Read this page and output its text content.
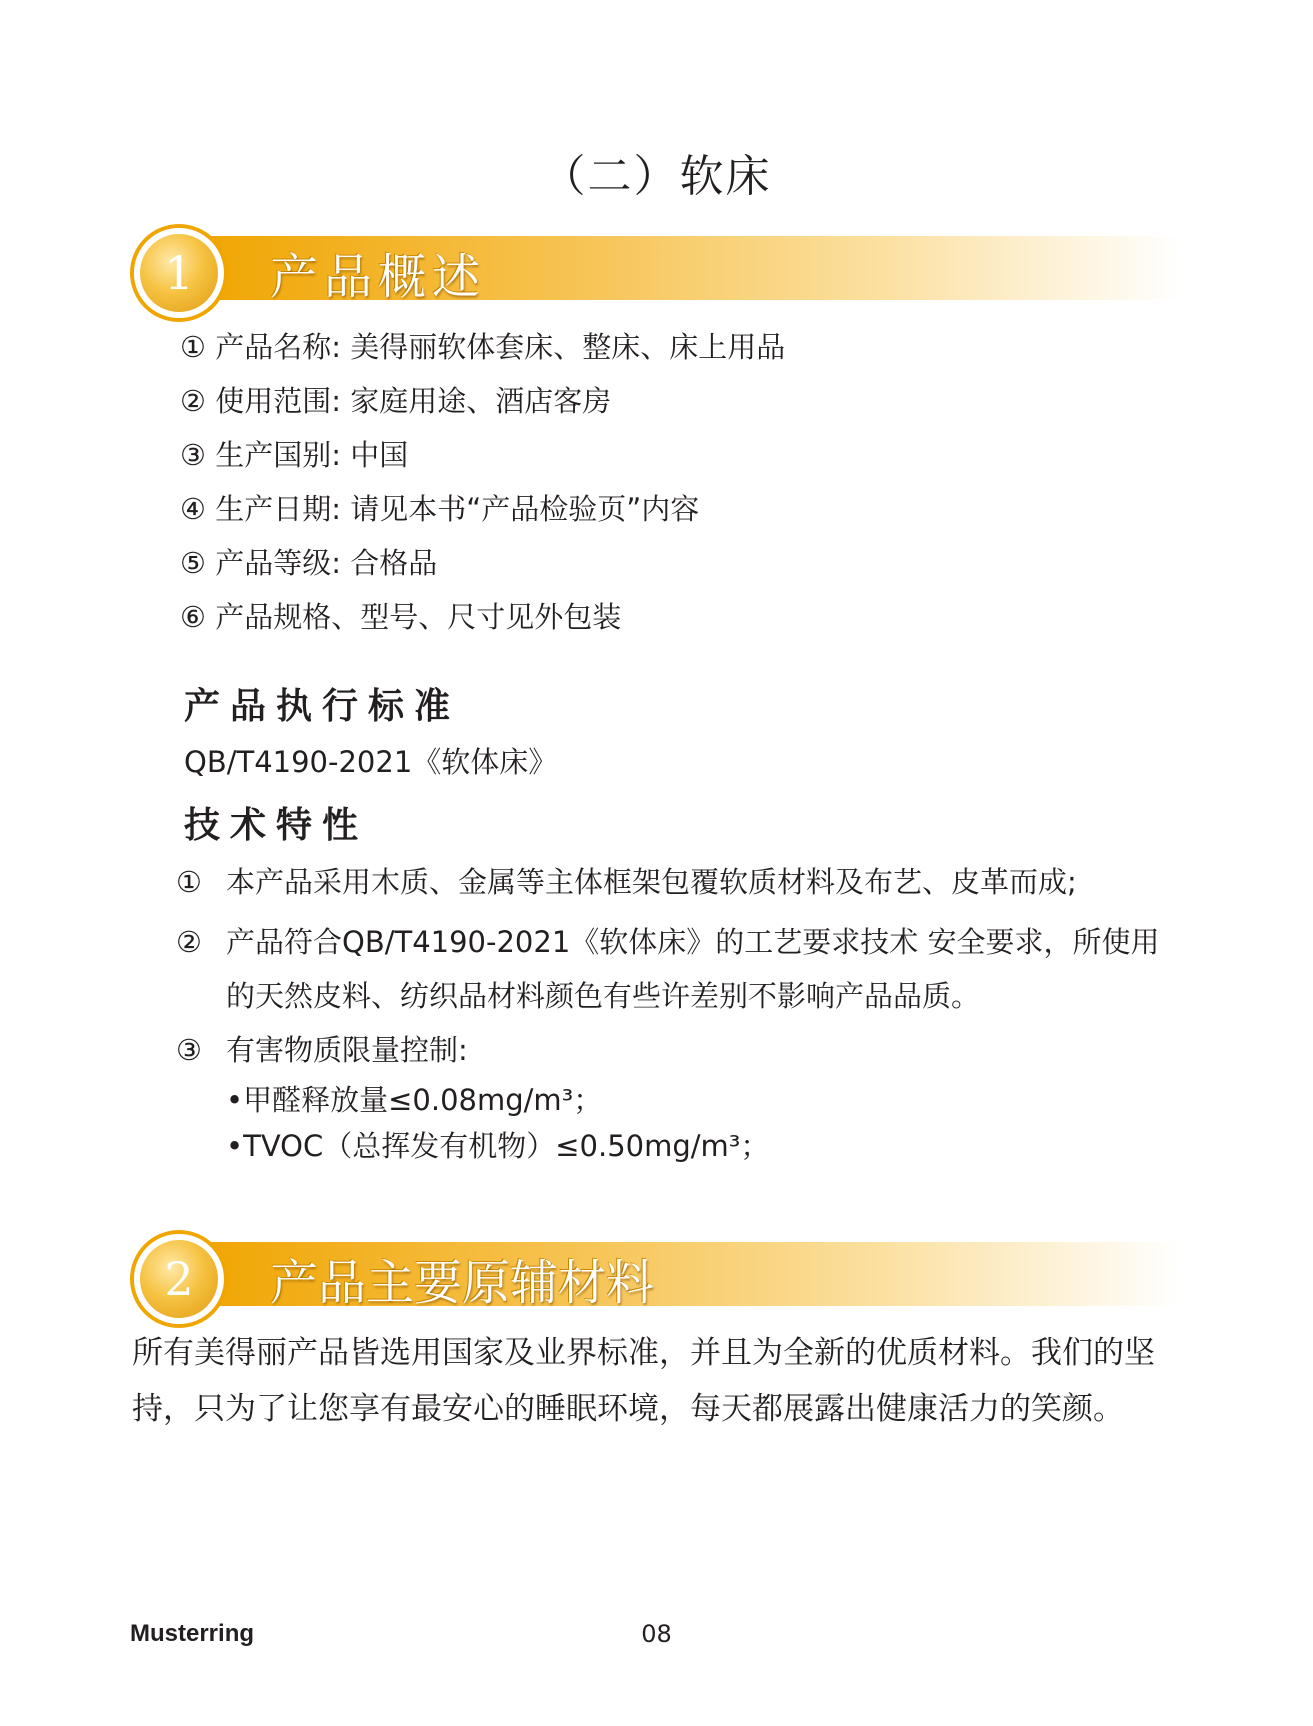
（二）软床
1	产品概述
① 产品名称: 美得丽软体套床、整床、床上用品
② 使用范围: 家庭用途、酒店客房
③ 生产国别: 中国
④ 生产日期: 请见本书“产品检验页”内容
⑤ 产品等级: 合格品
⑥ 产品规格、型号、尺寸见外包装
产品执行标准
QB/T4190-2021《软体床》
技术特性
① 本产品采用木质、金属等主体框架包覆软质材料及布艺、皮革而成;
② 产品符合QB/T4190-2021《软体床》的工艺要求技术 安全要求，所使用的天然皮料、纺织品材料颜色有些许差别不影响产品品质。
③ 有害物质限量控制:
•甲醛释放量≤0.08mg/m³；
•TVOC（总挥发有机物）≤0.50mg/m³；
2	产品主要原辅材料
所有美得丽产品皆选用国家及业界标准，并且为全新的优质材料。我们的坚持，只为了让您享有最安心的睡眠环境，每天都展露出健康活力的笑颜。
Musterring	08
